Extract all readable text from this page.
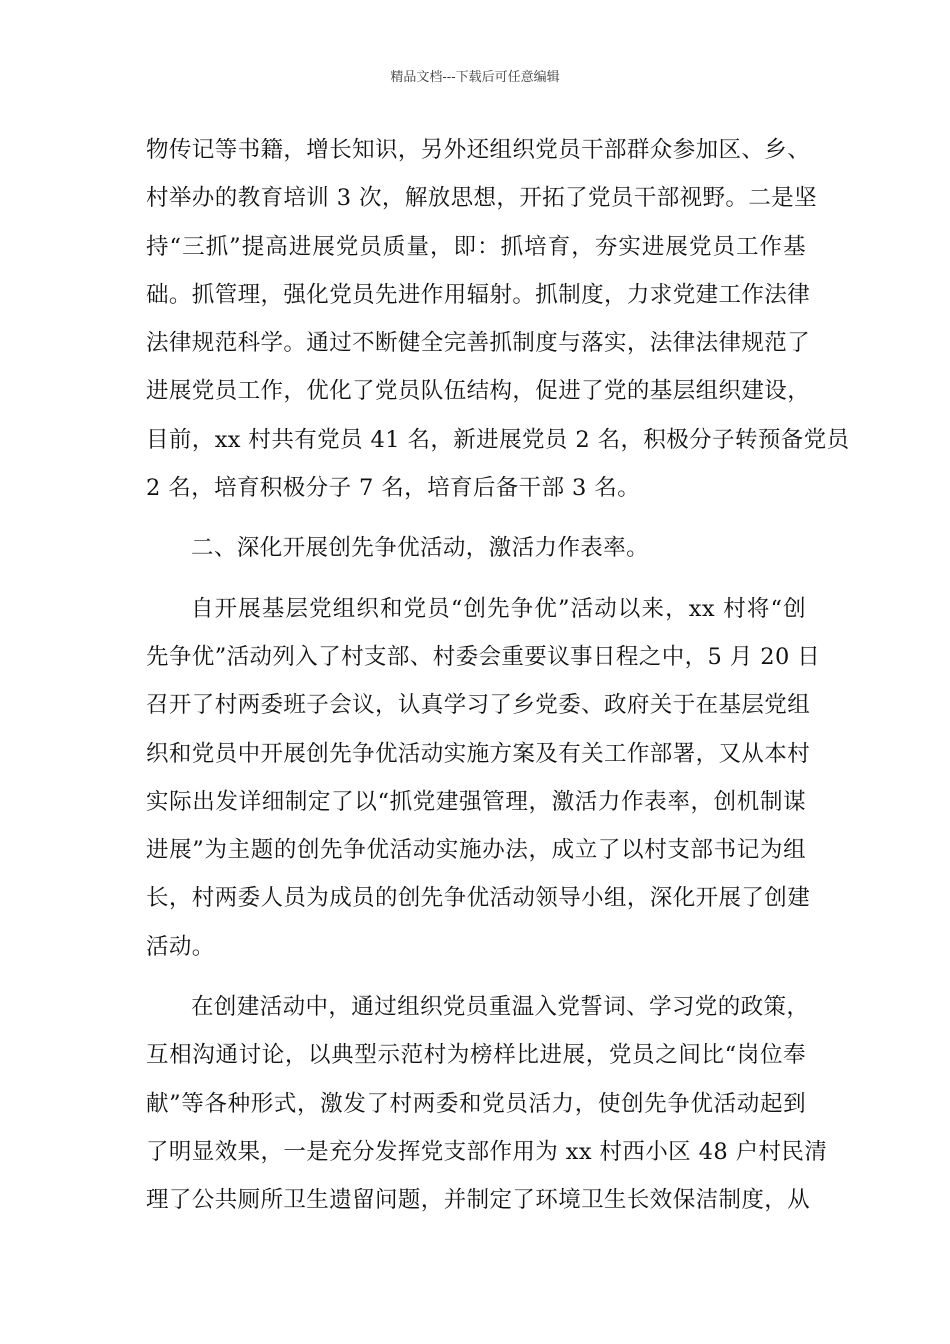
精品文档---下载后可任意编辑
物传记等书籍，增长知识，另外还组织党员干部群众参加区、乡、
村举办的教育培训 3 次，解放思想，开拓了党员干部视野。二是坚
持“三抓”提高进展党员质量，即：抓培育，夯实进展党员工作基
础。抓管理，强化党员先进作用辐射。抓制度，力求党建工作法律
法律规范科学。通过不断健全完善抓制度与落实，法律法律规范了
进展党员工作，优化了党员队伍结构，促进了党的基层组织建设，
目前，xx 村共有党员 41 名，新进展党员 2 名，积极分子转预备党员
2 名，培育积极分子 7 名，培育后备干部 3 名。
二、深化开展创先争优活动，激活力作表率。
自开展基层党组织和党员“创先争优”活动以来，xx 村将“创
先争优”活动列入了村支部、村委会重要议事日程之中，5 月 20 日
召开了村两委班子会议，认真学习了乡党委、政府关于在基层党组
织和党员中开展创先争优活动实施方案及有关工作部署，又从本村
实际出发详细制定了以“抓党建强管理，激活力作表率，创机制谋
进展”为主题的创先争优活动实施办法，成立了以村支部书记为组
长，村两委人员为成员的创先争优活动领导小组，深化开展了创建
活动。
在创建活动中，通过组织党员重温入党誓词、学习党的政策，
互相沟通讨论，以典型示范村为榜样比进展，党员之间比“岗位奉
献”等各种形式，激发了村两委和党员活力，使创先争优活动起到
了明显效果，一是充分发挥党支部作用为 xx 村西小区 48 户村民清
理了公共厕所卫生遗留问题，并制定了环境卫生长效保洁制度，从
